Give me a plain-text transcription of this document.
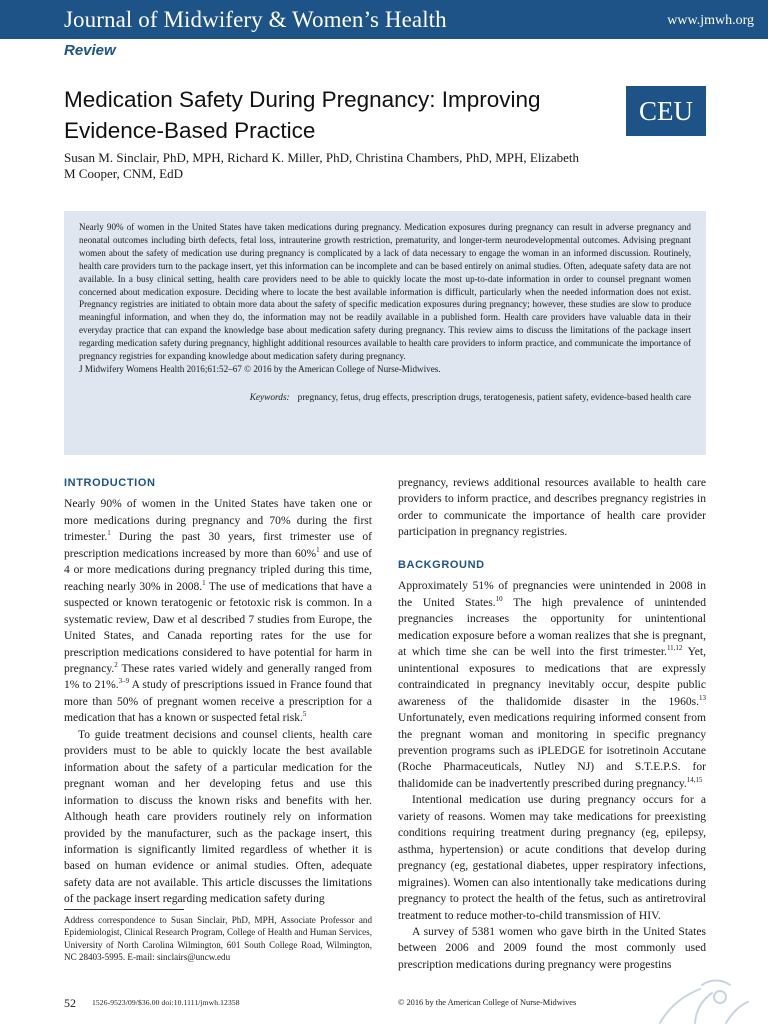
Journal of Midwifery & Women’s Health	www.jmwh.org
Review
Medication Safety During Pregnancy: Improving Evidence-Based Practice
CEU
Susan M. Sinclair, PhD, MPH, Richard K. Miller, PhD, Christina Chambers, PhD, MPH, Elizabeth M Cooper, CNM, EdD

Nearly 90% of women in the United States have taken medications during pregnancy. Medication exposures during pregnancy can result in adverse pregnancy and neonatal outcomes including birth defects, fetal loss, intrauterine growth restriction, prematurity, and longer-term neurodevelopmental outcomes. Advising pregnant women about the safety of medication use during pregnancy is complicated by a lack of data necessary to engage the woman in an informed discussion. Routinely, health care providers turn to the package insert, yet this information can be incomplete and can be based entirely on animal studies. Often, adequate safety data are not available. In a busy clinical setting, health care providers need to be able to quickly locate the most up-to-date information in order to counsel pregnant women concerned about medication exposure. Deciding where to locate the best available information is difficult, particularly when the needed information does not exist. Pregnancy registries are initiated to obtain more data about the safety of specific medication exposures during pregnancy; however, these studies are slow to produce meaningful information, and when they do, the information may not be readily available in a published form. Health care providers have valuable data in their everyday practice that can expand the knowledge base about medication safety during pregnancy. This review aims to discuss the limitations of the package insert regarding medication safety during pregnancy, highlight additional resources available to health care providers to inform practice, and communicate the importance of pregnancy registries for expanding knowledge about medication safety during pregnancy.

J Midwifery Womens Health 2016;61:52–67 © 2016 by the American College of Nurse-Midwives.

Keywords: pregnancy, fetus, drug effects, prescription drugs, teratogenesis, patient safety, evidence-based health care
INTRODUCTION

Nearly 90% of women in the United States have taken one or more medications during pregnancy and 70% during the first trimester.$^1$ During the past 30 years, first trimester use of prescription medications increased by more than 60%$^1$ and use of 4 or more medications during pregnancy tripled during this time, reaching nearly 30% in 2008.$^1$ The use of medications that have a suspected or known teratogenic or fetotoxic risk is common. In a systematic review, Daw et al described 7 studies from Europe, the United States, and Canada reporting rates for the use for prescription medications considered to have potential for harm in pregnancy.$^2$ These rates varied widely and generally ranged from 1% to 21%.$^{3-9}$ A study of prescriptions issued in France found that more than 50% of pregnant women receive a prescription for a medication that has a known or suspected fetal risk.$^5$

To guide treatment decisions and counsel clients, health care providers must to be able to quickly locate the best available information about the safety of a particular medication for the pregnant woman and her developing fetus and use this information to discuss the known risks and benefits with her. Although heath care providers routinely rely on information provided by the manufacturer, such as the package insert, this information is significantly limited regardless of whether it is based on human evidence or animal studies. Often, adequate safety data are not available. This article discusses the limitations of the package insert regarding medication safety during

pregnancy, reviews additional resources available to health care providers to inform practice, and describes pregnancy registries in order to communicate the importance of health care provider participation in pregnancy registries.

Address correspondence to Susan Sinclair, PhD, MPH, Associate Professor and Epidemiologist, Clinical Research Program, College of Health and Human Services, University of North Carolina Wilmington, 601 South College Road, Wilmington, NC 28403-5995. E-mail: sinclairs@uncw.edu
BACKGROUND

Approximately 51% of pregnancies were unintended in 2008 in the United States.$^{10}$ The high prevalence of unintended pregnancies increases the opportunity for unintentional medication exposure before a woman realizes that she is pregnant, at which time she can be well into the first trimester.$^{11,12}$ Yet, unintentional exposures to medications that are expressly contraindicated in pregnancy inevitably occur, despite public awareness of the thalidomide disaster in the 1960s.$^{13}$ Unfortunately, even medications requiring informed consent from the pregnant woman and monitoring in specific pregnancy prevention programs such as iPLEDGE for isotretinoin Accutane (Roche Pharmaceuticals, Nutley NJ) and S.T.E.P.S. for thalidomide can be inadvertently prescribed during pregnancy.$^{14,15}$

Intentional medication use during pregnancy occurs for a variety of reasons. Women may take medications for preexisting conditions requiring treatment during pregnancy (eg, epilepsy, asthma, hypertension) or acute conditions that develop during pregnancy (eg, gestational diabetes, upper respiratory infections, migraines). Women can also intentionally take medications during pregnancy to protect the health of the fetus, such as antiretroviral treatment to reduce mother-to-child transmission of HIV.

A survey of 5381 women who gave birth in the United States between 2006 and 2009 found the most commonly used prescription medications during pregnancy were progestins

52 1526-9523/09/$36.00 doi:10.1111/jmwh.12358	© 2016 by the American College of Nurse-Midwives
